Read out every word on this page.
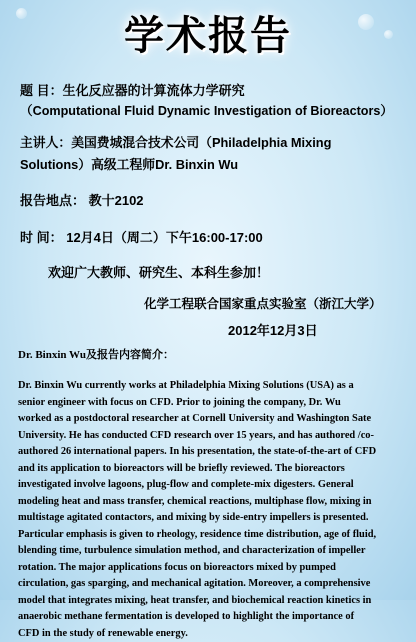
学术报告
题 目：生化反应器的计算流体力学研究
（Computational Fluid Dynamic Investigation of Bioreactors）
主讲人：美国费城混合技术公司（Philadelphia Mixing
Solutions）高级工程师Dr. Binxin Wu
报告地点： 教十2102
时 间： 12月4日（周二）下午16:00-17:00
欢迎广大教师、研究生、本科生参加！
化学工程联合国家重点实验室（浙江大学）
2012年12月3日
Dr. Binxin Wu及报告内容简介：
Dr. Binxin Wu currently works at Philadelphia Mixing Solutions (USA) as a
senior engineer with focus on CFD. Prior to joining the company, Dr. Wu
worked as a postdoctoral researcher at Cornell University and Washington Sate
University. He has conducted CFD research over 15 years, and has authored /co-
authored 26 international papers. In his presentation, the state-of-the-art of CFD
and its application to bioreactors will be briefly reviewed. The bioreactors
investigated involve lagoons, plug-flow and complete-mix digesters. General
modeling heat and mass transfer, chemical reactions, multiphase flow, mixing in
multistage agitated contactors, and mixing by side-entry impellers is presented.
Particular emphasis is given to rheology, residence time distribution, age of fluid,
blending time, turbulence simulation method, and characterization of impeller
rotation. The major applications focus on bioreactors mixed by pumped
circulation, gas sparging, and mechanical agitation. Moreover, a comprehensive
model that integrates mixing, heat transfer, and biochemical reaction kinetics in
anaerobic methane fermentation is developed to highlight the importance of
CFD in the study of renewable energy.
